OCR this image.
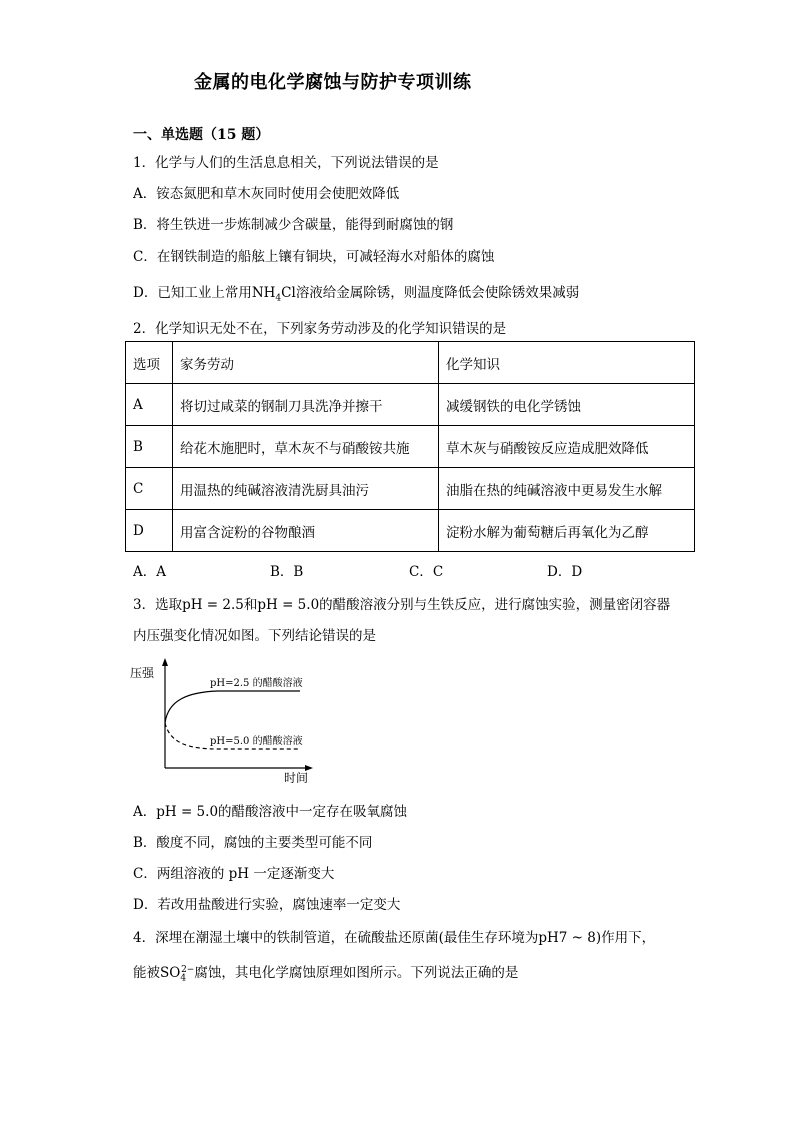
金属的电化学腐蚀与防护专项训练
一、单选题（15 题）
1．化学与人们的生活息息相关，下列说法错误的是
A．铵态氮肥和草木灰同时使用会使肥效降低
B．将生铁进一步炼制减少含碳量，能得到耐腐蚀的钢
C．在钢铁制造的船舷上镶有铜块，可减轻海水对船体的腐蚀
D．已知工业上常用$NH_4Cl$溶液给金属除锈，则温度降低会使除锈效果减弱
2．化学知识无处不在，下列家务劳动涉及的化学知识错误的是
选项	家务劳动	化学知识
A	将切过咸菜的钢制刀具洗净并擦干	减缓钢铁的电化学锈蚀
B	给花木施肥时，草木灰不与硝酸铵共施	草木灰与硝酸铵反应造成肥效降低
C	用温热的纯碱溶液清洗厨具油污	油脂在热的纯碱溶液中更易发生水解
D	用富含淀粉的谷物酿酒	淀粉水解为葡萄糖后再氧化为乙醇
A．A	B．B	C．C	D．D
3．选取pH = 2.5和pH = 5.0的醋酸溶液分别与生铁反应，进行腐蚀实验，测量密闭容器
内压强变化情况如图。下列结论错误的是
压强
时间
pH=2.5 的醋酸溶液
pH=5.0 的醋酸溶液
A．pH = 5.0的醋酸溶液中一定存在吸氧腐蚀
B．酸度不同，腐蚀的主要类型可能不同
C．两组溶液的 pH 一定逐渐变大
D．若改用盐酸进行实验，腐蚀速率一定变大
4．深埋在潮湿土壤中的铁制管道，在硫酸盐还原菌(最佳生存环境为pH7 ~ 8)作用下，
能被$SO_4^{2-}$腐蚀，其电化学腐蚀原理如图所示。下列说法正确的是
